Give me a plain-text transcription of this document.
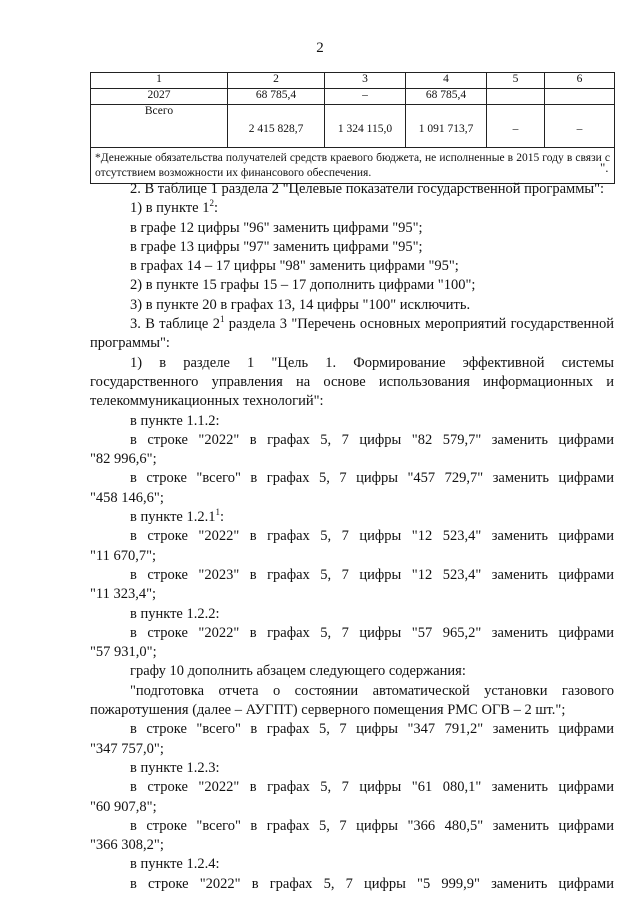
2
1	2	3	4	5	6
2027	68 785,4	–	68 785,4		
Всего	2 415 828,7	1 324 115,0	1 091 713,7	–	–
*Денежные обязательства получателей средств краевого бюджета, не исполненные в 2015 году в связи с отсутствием возможности их финансового обеспечения.						".

2. В таблице 1 раздела 2 "Целевые показатели государственной программы":

1) в пункте $1^2$:

в графе 12 цифры "96" заменить цифрами "95";

в графе 13 цифры "97" заменить цифрами "95";

в графах 14 – 17 цифры "98" заменить цифрами "95";

2) в пункте 15 графы 15 – 17 дополнить цифрами "100";

3) в пункте 20 в графах 13, 14 цифры "100" исключить.

3. В таблице $2^1$ раздела 3 "Перечень основных мероприятий государственной программы":

1) в разделе 1 "Цель 1. Формирование эффективной системы государственного управления на основе использования информационных и телекоммуникационных технологий":

в пункте 1.1.2:

в строке "2022" в графах 5, 7 цифры "82 579,7" заменить цифрами

"82 996,6";

в строке "всего" в графах 5, 7 цифры "457 729,7" заменить цифрами

"458 146,6";

в пункте 1.2.1$^1$:

в строке "2022" в графах 5, 7 цифры "12 523,4" заменить цифрами

"11 670,7";

в строке "2023" в графах 5, 7 цифры "12 523,4" заменить цифрами

"11 323,4";

в пункте 1.2.2:

в строке "2022" в графах 5, 7 цифры "57 965,2" заменить цифрами

"57 931,0";

графу 10 дополнить абзацем следующего содержания:

"подготовка отчета о состоянии автоматической установки газового пожаротушения (далее – АУГПТ) серверного помещения РМС ОГВ – 2 шт.";

в строке "всего" в графах 5, 7 цифры "347 791,2" заменить цифрами

"347 757,0";

в пункте 1.2.3:

в строке "2022" в графах 5, 7 цифры "61 080,1" заменить цифрами

"60 907,8";

в строке "всего" в графах 5, 7 цифры "366 480,5" заменить цифрами

"366 308,2";

в пункте 1.2.4:

в строке "2022" в графах 5, 7 цифры "5 999,9" заменить цифрами
